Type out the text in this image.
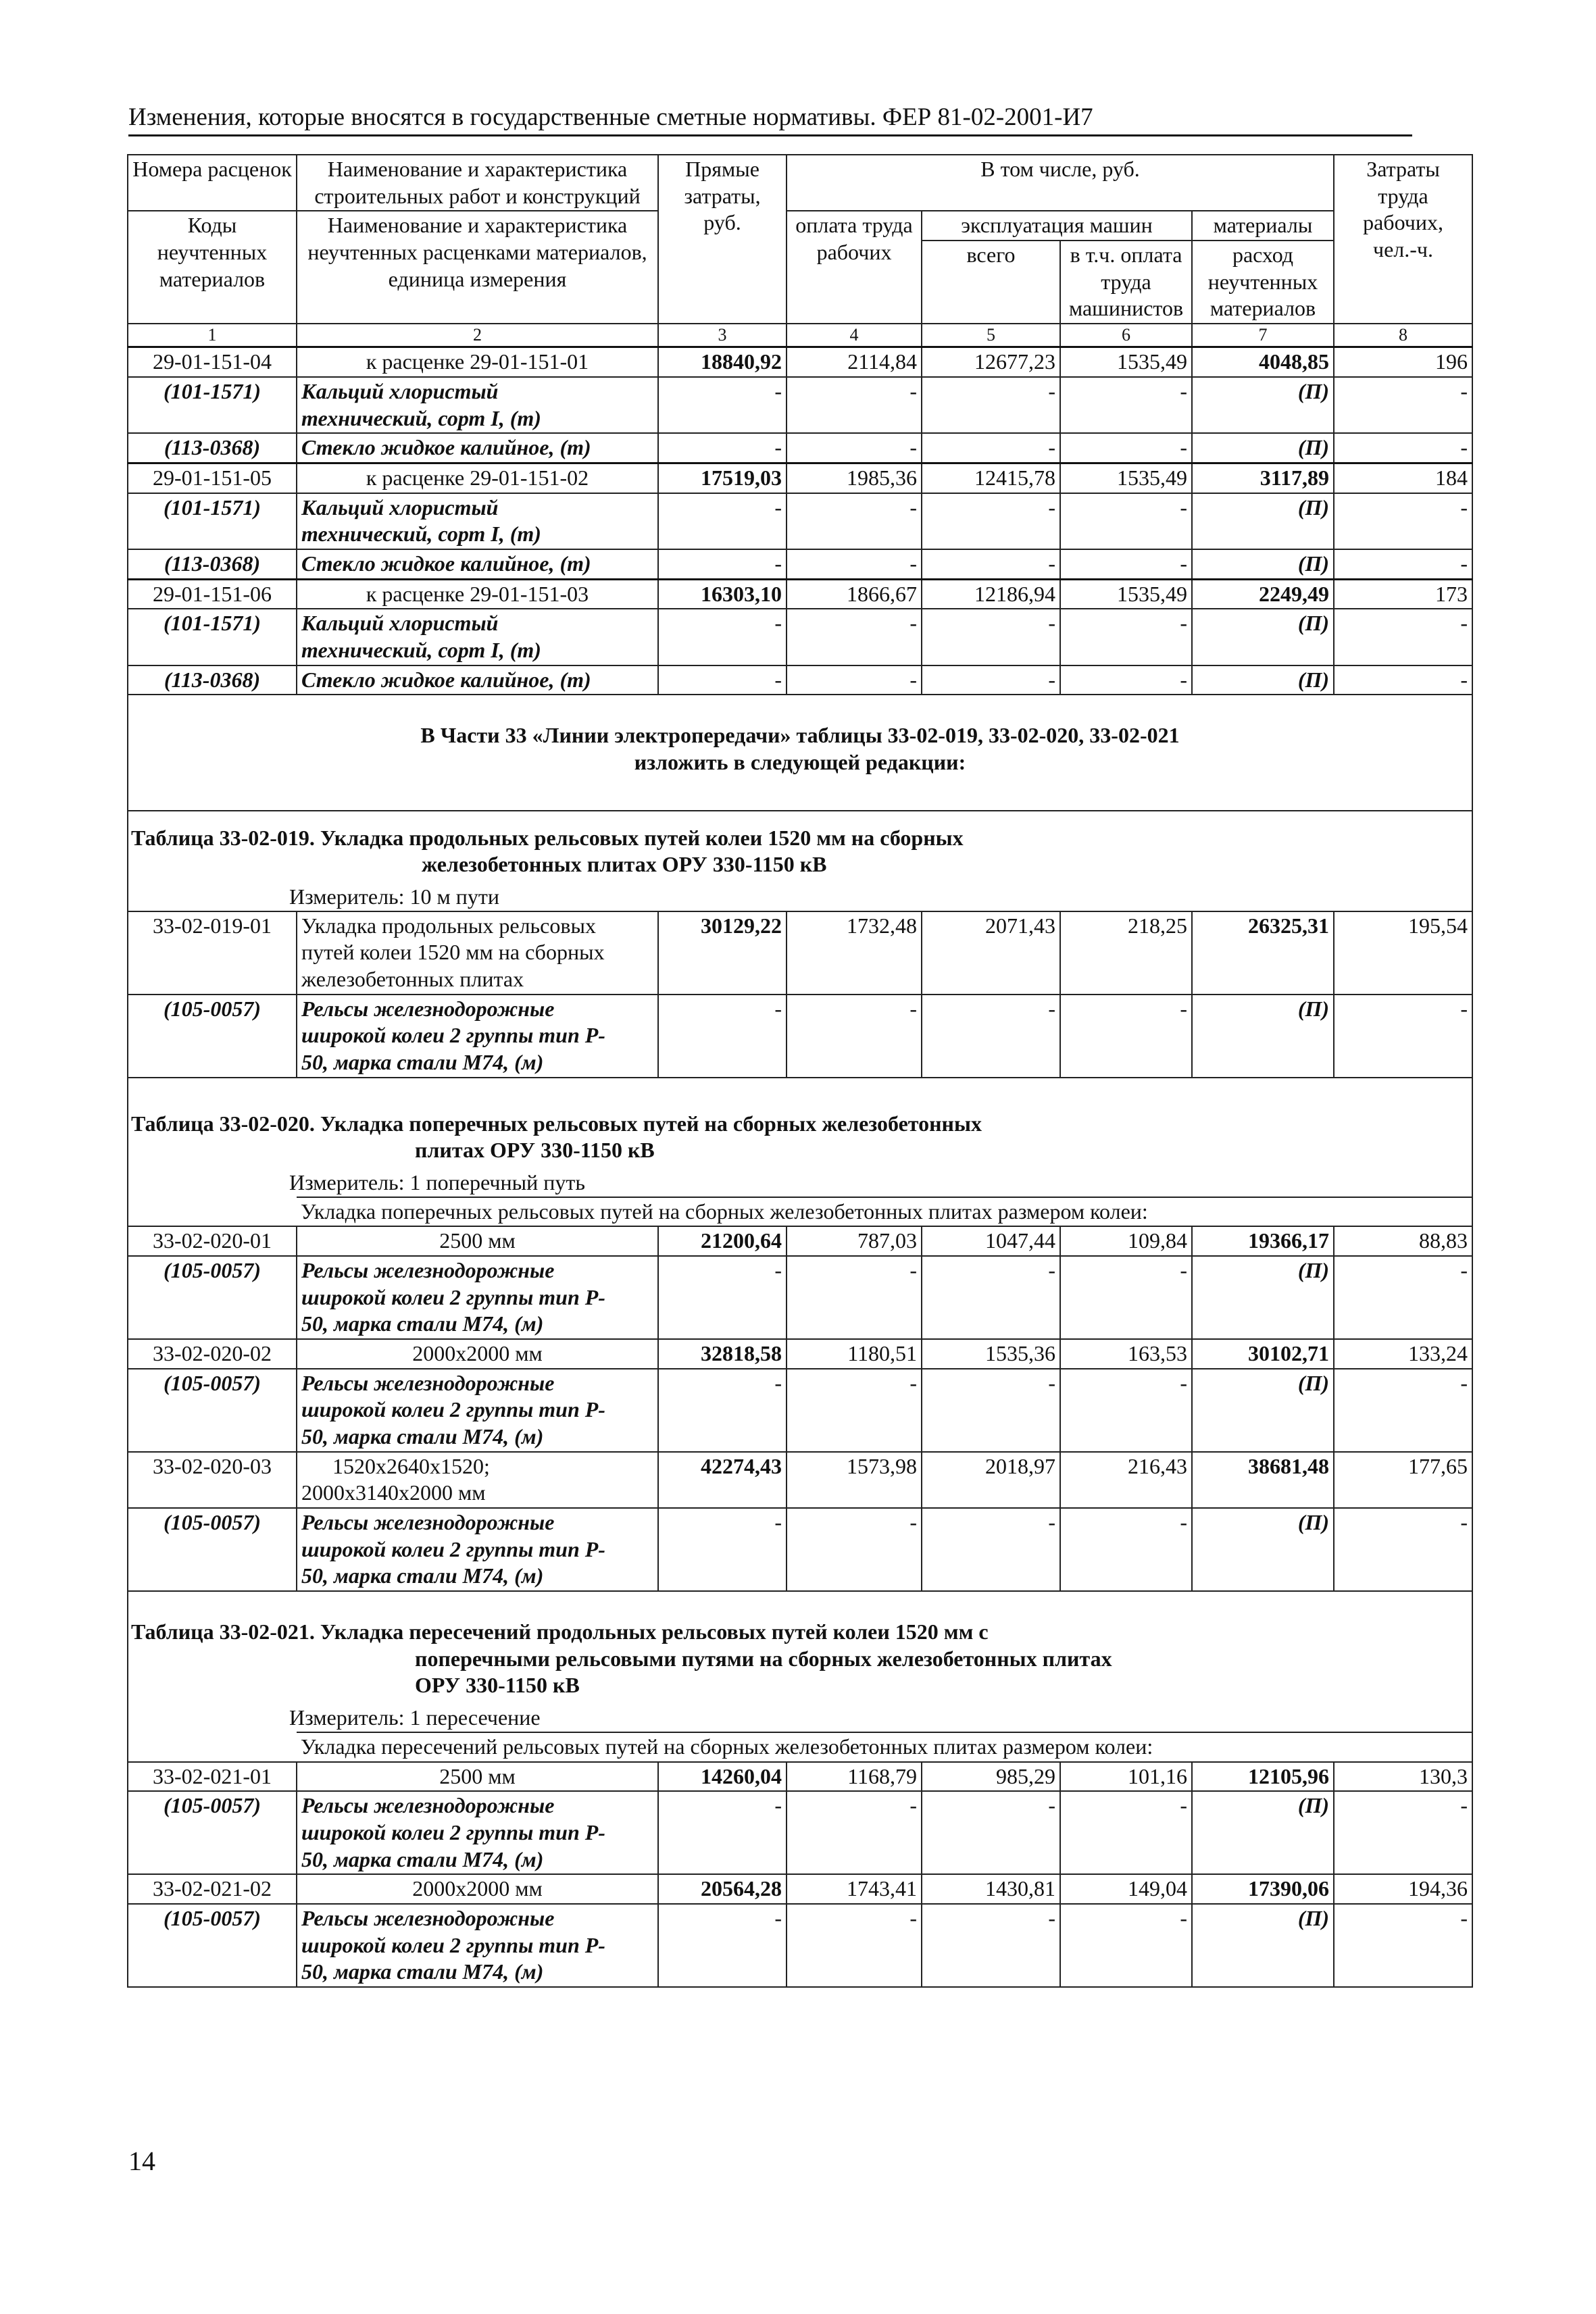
Изменения, которые вносятся в государственные сметные нормативы. ФЕР 81-02-2001-И7
Номера расценок	Наименование и характеристика строительных работ и конструкций	Прямые затраты, руб.	В том числе, руб.				Затраты труда рабочих, чел.-ч.
Коды неучтенных материалов	Наименование и характеристика неучтенных расценками материалов, единица измерения		оплата труда рабочих	эксплуатация машин		материалы	
				всего	в т.ч. оплата труда машинистов	расход неучтенных материалов	
1	2	3	4	5	6	7	8
29-01-151-04	к расценке 29-01-151-01	18840,92	2114,84	12677,23	1535,49	4048,85	196
(101-1571)	Кальций хлористый
технический, сорт I, (т)	-	-	-	-	(П)	-
(113-0368)	Стекло жидкое калийное, (т)	-	-	-	-	(П)	-
29-01-151-05	к расценке 29-01-151-02	17519,03	1985,36	12415,78	1535,49	3117,89	184
(101-1571)	Кальций хлористый
технический, сорт I, (т)	-	-	-	-	(П)	-
(113-0368)	Стекло жидкое калийное, (т)	-	-	-	-	(П)	-
29-01-151-06	к расценке 29-01-151-03	16303,10	1866,67	12186,94	1535,49	2249,49	173
(101-1571)	Кальций хлористый
технический, сорт I, (т)	-	-	-	-	(П)	-
(113-0368)	Стекло жидкое калийное, (т)	-	-	-	-	(П)	-
В Части 33 «Линии электропередачи» таблицы 33-02-019, 33-02-020, 33-02-021
изложить в следующей редакции:							
Таблица 33-02-019. Укладка продольных рельсовых путей колеи 1520 мм на сборных
железобетонных плитах ОРУ 330-1150 кВ							

Измеритель: 10 м пути							
33-02-019-01	Укладка продольных рельсовых
путей колеи 1520 мм на сборных
железобетонных плитах	30129,22	1732,48	2071,43	218,25	26325,31	195,54
(105-0057)	Рельсы железнодорожные
широкой колеи 2 группы тип Р-
50, марка стали М74, (м)	-	-	-	-	(П)	-
Таблица 33-02-020. Укладка поперечных рельсовых путей на сборных железобетонных
плитах ОРУ 330-1150 кВ							

Измеритель: 1 поперечный путь							
	Укладка поперечных рельсовых путей на сборных железобетонных плитах размером колеи:						
33-02-020-01	2500 мм	21200,64	787,03	1047,44	109,84	19366,17	88,83
(105-0057)	Рельсы железнодорожные
широкой колеи 2 группы тип Р-
50, марка стали М74, (м)	-	-	-	-	(П)	-
33-02-020-02	2000х2000 мм	32818,58	1180,51	1535,36	163,53	30102,71	133,24
(105-0057)	Рельсы железнодорожные
широкой колеи 2 группы тип Р-
50, марка стали М74, (м)	-	-	-	-	(П)	-
33-02-020-03	1520х2640х1520;
2000х3140х2000 мм	42274,43	1573,98	2018,97	216,43	38681,48	177,65
(105-0057)	Рельсы железнодорожные
широкой колеи 2 группы тип Р-
50, марка стали М74, (м)	-	-	-	-	(П)	-
Таблица 33-02-021. Укладка пересечений продольных рельсовых путей колеи 1520 мм с
поперечными рельсовыми путями на сборных железобетонных плитах
ОРУ 330-1150 кВ							

Измеритель: 1 пересечение							
	Укладка пересечений рельсовых путей на сборных железобетонных плитах размером колеи:						
33-02-021-01	2500 мм	14260,04	1168,79	985,29	101,16	12105,96	130,3
(105-0057)	Рельсы железнодорожные
широкой колеи 2 группы тип Р-
50, марка стали М74, (м)	-	-	-	-	(П)	-
33-02-021-02	2000х2000 мм	20564,28	1743,41	1430,81	149,04	17390,06	194,36
(105-0057)	Рельсы железнодорожные
широкой колеи 2 группы тип Р-
50, марка стали М74, (м)	-	-	-	-	(П)	-
14
